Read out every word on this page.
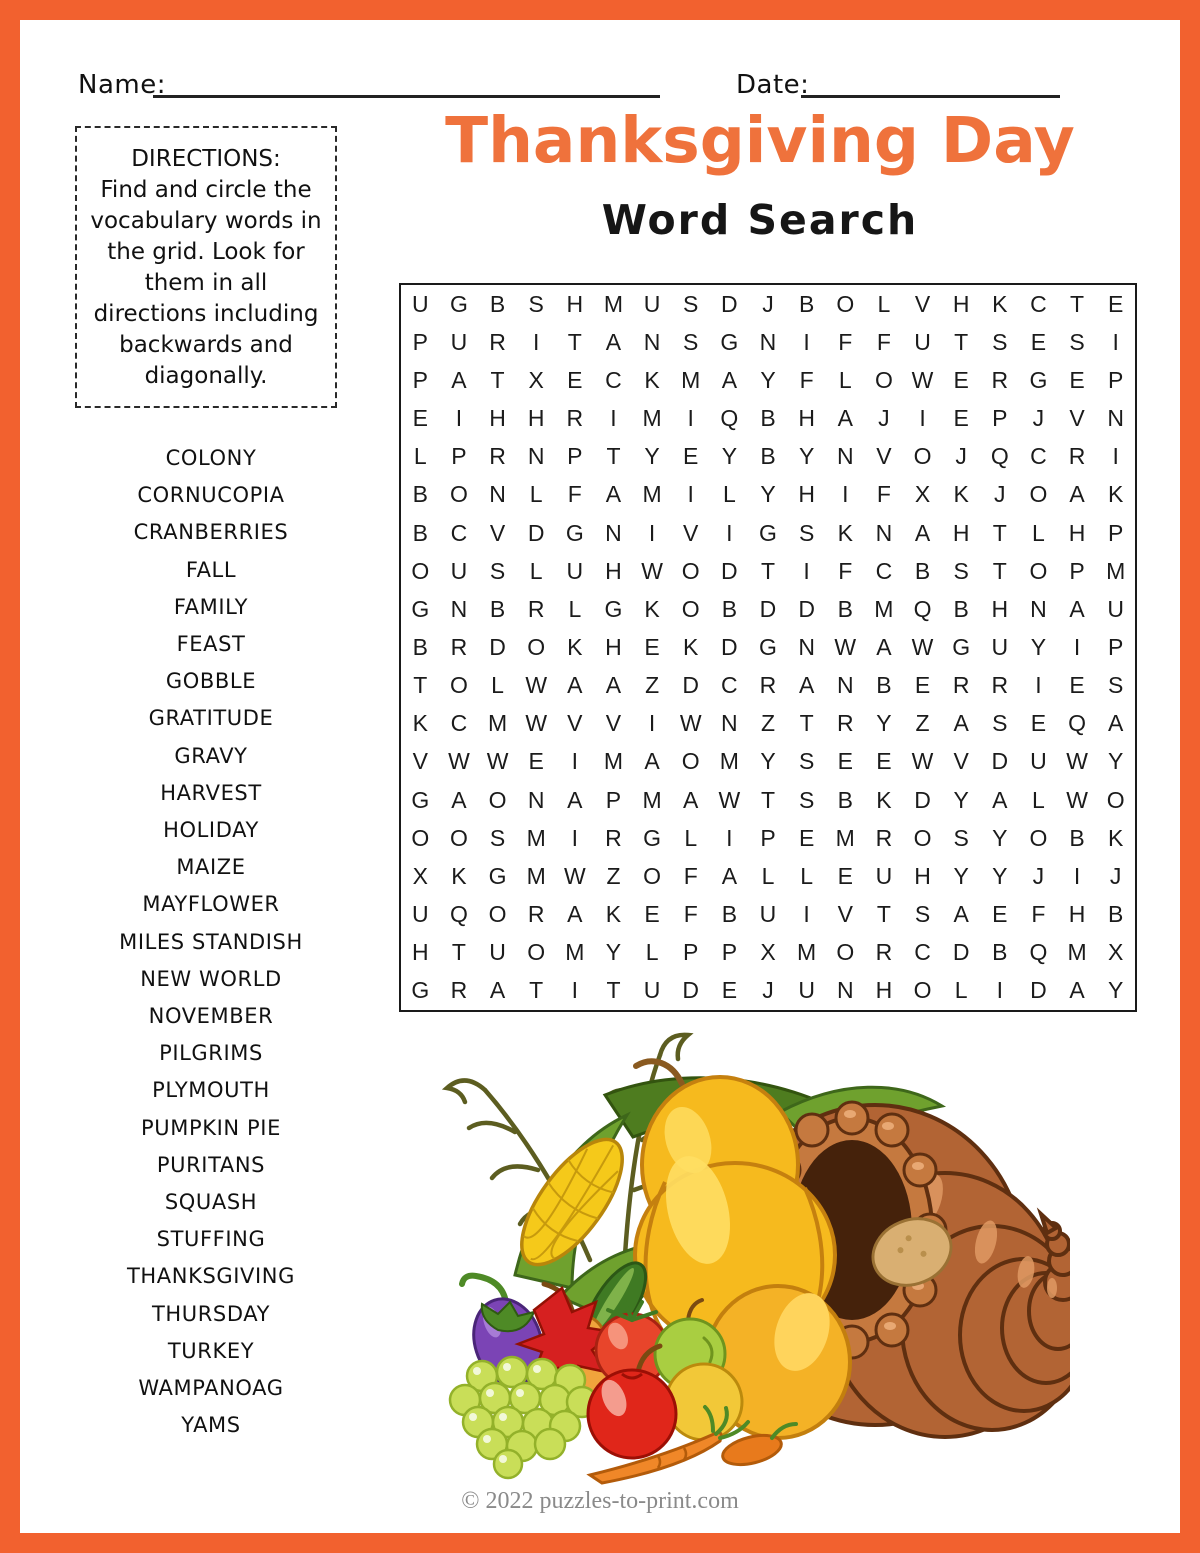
Name:	Date:
Thanksgiving Day
Word Search
DIRECTIONS:
Find and circle the vocabulary words in the grid. Look for them in all directions including backwards and diagonally.
COLONY
CORNUCOPIA
CRANBERRIES
FALL
FAMILY
FEAST
GOBBLE
GRATITUDE
GRAVY
HARVEST
HOLIDAY
MAIZE
MAYFLOWER
MILES STANDISH
NEW WORLD
NOVEMBER
PILGRIMS
PLYMOUTH
PUMPKIN PIE
PURITANS
SQUASH
STUFFING
THANKSGIVING
THURSDAY
TURKEY
WAMPANOAG
YAMS
U G B	S H M U S D	J	B O	L	V H K C	T	E
P U R	I	T	A N S G N	I	F	F	U	T	S	E	S	I
P	A	T	X	E C K M A	Y	F	L	O W E R G E	P
E	I	H H R	I	M	I	Q B H A	J	I	E	P	J	V N
L	P R N P	T	Y	E	Y	B	Y N V O	J	Q C R	I
B O N	L	F	A M	I	L	Y H	I	F	X	K	J	O A	K
B C V D G N	I	V	I	G S	K N A H	T	L	H P
O U S	L	U H W O D	T	I	F	C B	S	T O P M
G N B R	L	G K O B D D B M Q B H N A U
B R D O K H E	K D G N W A W G U Y	I	P
T O	L W A	A	Z	D C R A N B	E R R	I	E	S
K C M W V	V	I	W N	Z	T	R Y	Z	A	S	E Q A
V W W E	I	M A O M Y	S	E	E W V D U W Y
G A O N A	P M A W T	S	B	K D Y	A	L W O
O O S M	I	R G	L	I	P	E M R O S	Y O B	K
X	K G M W Z O F	A	L	L	E U H Y	Y	J	I	J
U Q O R A	K	E	F	B U	I	V	T	S	A	E	F	H B
H	T	U O M Y	L	P	P	X M O R C D B Q M X
G R A	T	I	T	U D E	J	U N H O	L	I	D A	Y
© 2022 puzzles-to-print.com
